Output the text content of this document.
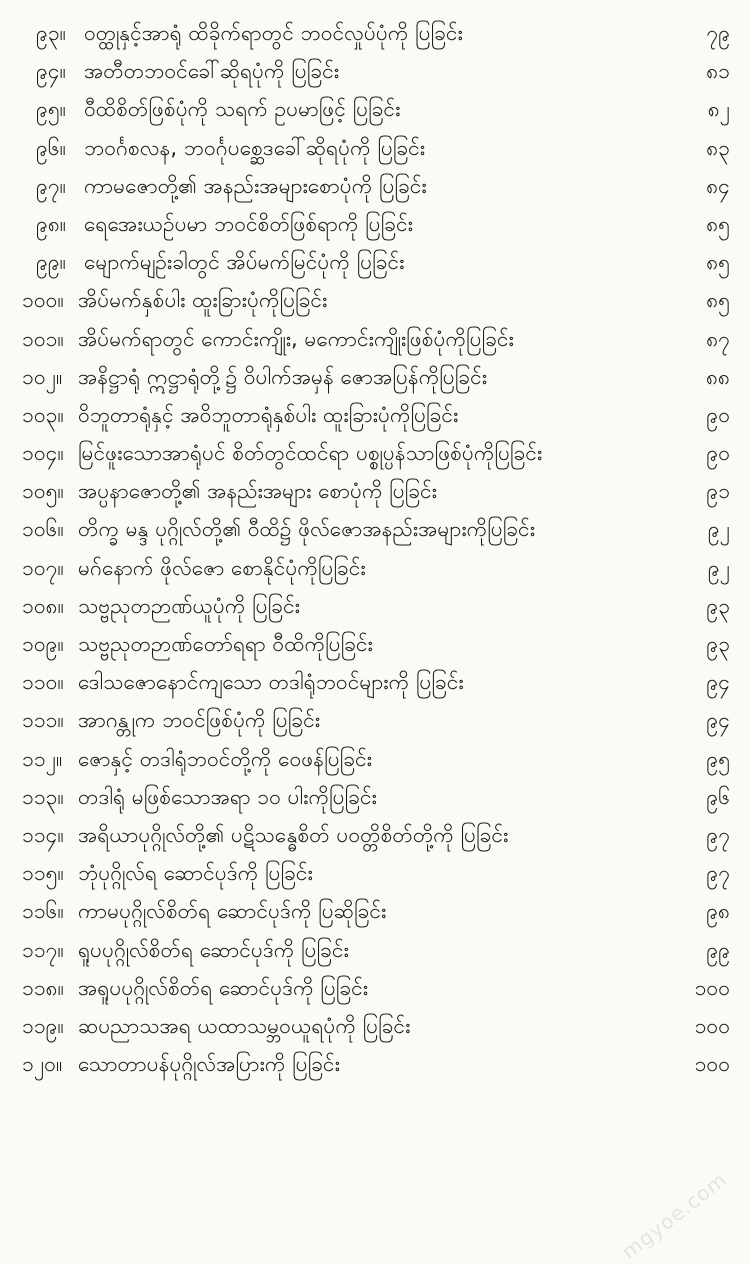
၉၃။ ဝတ္ထုနှင့်အာရုံ ထိခိုက်ရာတွင် ဘဝင်လှုပ်ပုံကို ပြခြင်း	၇၉
၉၄။ အတီတဘဝင်ခေါ်ဆိုရပုံကို ပြခြင်း	၈၁
၉၅။ ဝီထိစိတ်ဖြစ်ပုံကို သရက် ဥပမာဖြင့် ပြခြင်း	၈၂
၉၆။ ဘဝင်္ဂစလန, ဘဝင်္ဂုပစ္ဆေဒခေါ်ဆိုရပုံကို ပြခြင်း	၈၃
၉၇။ ကာမဇောတို့၏ အနည်းအများစောပုံကို ပြခြင်း	၈၄
၉၈။ ရေအေးယဉ်ပမာ ဘဝင်စိတ်ဖြစ်ရာကို ပြခြင်း	၈၅
၉၉။ မျောက်မျဉ်းခါတွင် အိပ်မက်မြင်ပုံကို ပြခြင်း	၈၅
၁၀၀။ အိပ်မက်နှစ်ပါး ထူးခြားပုံကိုပြခြင်း	၈၅
၁၀၁။ အိပ်မက်ရာတွင် ကောင်းကျိုး, မကောင်းကျိုးဖြစ်ပုံကိုပြခြင်း	၈၇
၁၀၂။ အနိဋ္ဌာရုံ ဣဋ္ဌာရုံတို့၌ ဝိပါက်အမှန် ဇောအပြန်ကိုပြခြင်း	၈၈
၁၀၃။ ဝိဘူတာရုံနှင့် အဝိဘူတာရုံနှစ်ပါး ထူးခြားပုံကိုပြခြင်း	၉၀
၁၀၄။ မြင်ဖူးသောအာရုံပင် စိတ်တွင်ထင်ရာ ပစ္စုပ္ပန်သာဖြစ်ပုံကိုပြခြင်း	၉၀
၁၀၅။ အပ္ပနာဇောတို့၏ အနည်းအများ စောပုံကို ပြခြင်း	၉၁
၁၀၆။ တိက္ခ မန္ဒ ပုဂ္ဂိုလ်တို့၏ ဝီထိ၌ ဖိုလ်ဇောအနည်းအများကိုပြခြင်း	၉၂
၁၀၇။ မဂ်နောက် ဖိုလ်ဇော စောနိုင်ပုံကိုပြခြင်း	၉၂
၁၀၈။ သဗ္ဗညုတဉာဏ်ယူပုံကို ပြခြင်း	၉၃
၁၀၉။ သဗ္ဗညုတဉာဏ်တော်ရရာ ဝီထိကိုပြခြင်း	၉၃
၁၁၀။ ဒေါသဇောနောင်ကျသော တဒါရုံဘဝင်များကို ပြခြင်း	၉၄
၁၁၁။ အာဂန္တုက ဘဝင်ဖြစ်ပုံကို ပြခြင်း	၉၄
၁၁၂။ ဇောနှင့် တဒါရုံဘဝင်တို့ကို ဝေဖန်ပြခြင်း	၉၅
၁၁၃။ တဒါရုံ မဖြစ်သောအရာ ၁၀ ပါးကိုပြခြင်း	၉၆
၁၁၄။ အရိယာပုဂ္ဂိုလ်တို့၏ ပဋိသန္ဓေစိတ် ပဝတ္တိစိတ်တို့ကို ပြခြင်း	၉၇
၁၁၅။ ဘုံပုဂ္ဂိုလ်ရ ဆောင်ပုဒ်ကို ပြခြင်း	၉၇
၁၁၆။ ကာမပုဂ္ဂိုလ်စိတ်ရ ဆောင်ပုဒ်ကို ပြဆိုခြင်း	၉၈
၁၁၇။ ရူပပုဂ္ဂိုလ်စိတ်ရ ဆောင်ပုဒ်ကို ပြခြင်း	၉၉
၁၁၈။ အရူပပုဂ္ဂိုလ်စိတ်ရ ဆောင်ပုဒ်ကို ပြခြင်း	၁၀၀
၁၁၉။ ဆပညာသအရ ယထာသမ္ဘဝယူရပုံကို ပြခြင်း	၁၀၀
၁၂၀။ သောတာပန်ပုဂ္ဂိုလ်အပြားကို ပြခြင်း	၁၀၀
mgyoe.com
